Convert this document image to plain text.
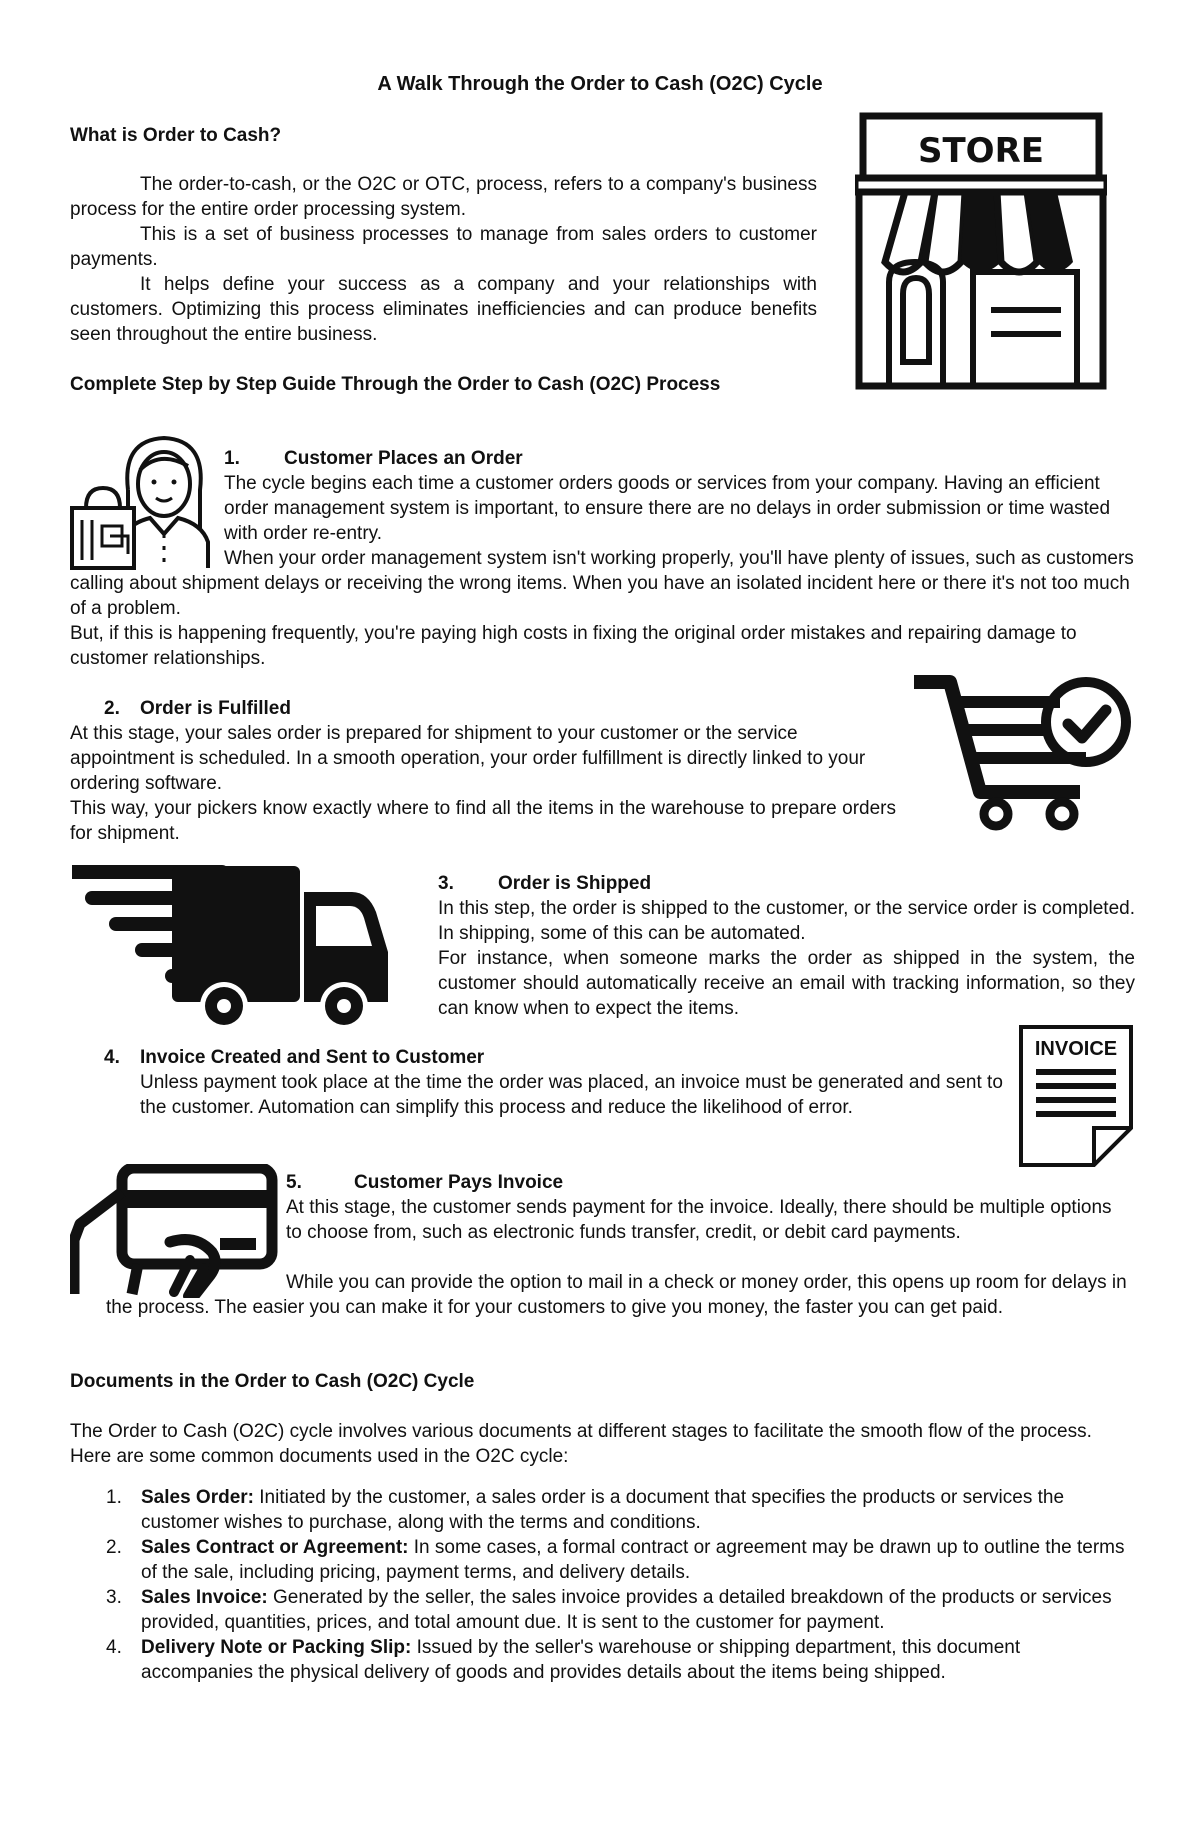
A Walk Through the Order to Cash (O2C) Cycle
What is Order to Cash?
The order-to-cash, or the O2C or OTC, process, refers to a company's business process for the entire order processing system.
This is a set of business processes to manage from sales orders to customer payments.
It helps define your success as a company and your relationships with customers. Optimizing this process eliminates inefficiencies and can produce benefits seen throughout the entire business.
STORE
Complete Step by Step Guide Through the Order to Cash (O2C) Process
1. Customer Places an Order
The cycle begins each time a customer orders goods or services from your company. Having an efficient order management system is important, to ensure there are no delays in order submission or time wasted with order re-entry.
When your order management system isn't working properly, you'll have plenty of issues, such as customers calling about shipment delays or receiving the wrong items. When you have an isolated incident here or there it's not too much of a problem.
But, if this is happening frequently, you're paying high costs in fixing the original order mistakes and repairing damage to customer relationships.
2. Order is Fulfilled
At this stage, your sales order is prepared for shipment to your customer or the service appointment is scheduled. In a smooth operation, your order fulfillment is directly linked to your ordering software.
This way, your pickers know exactly where to find all the items in the warehouse to prepare orders for shipment.
3. Order is Shipped
In this step, the order is shipped to the customer, or the service order is completed. In shipping, some of this can be automated.
For instance, when someone marks the order as shipped in the system, the customer should automatically receive an email with tracking information, so they can know when to expect the items.
4. Invoice Created and Sent to Customer
Unless payment took place at the time the order was placed, an invoice must be generated and sent to the customer. Automation can simplify this process and reduce the likelihood of error.
INVOICE
5.	Customer Pays Invoice
At this stage, the customer sends payment for the invoice. Ideally, there should be multiple options to choose from, such as electronic funds transfer, credit, or debit card payments.
While you can provide the option to mail in a check or money order, this opens up room for delays in the process. The easier you can make it for your customers to give you money, the faster you can get paid.
Documents in the Order to Cash (O2C) Cycle
The Order to Cash (O2C) cycle involves various documents at different stages to facilitate the smooth flow of the process. Here are some common documents used in the O2C cycle:
1. Sales Order: Initiated by the customer, a sales order is a document that specifies the products or services the customer wishes to purchase, along with the terms and conditions.
2. Sales Contract or Agreement: In some cases, a formal contract or agreement may be drawn up to outline the terms of the sale, including pricing, payment terms, and delivery details.
3. Sales Invoice: Generated by the seller, the sales invoice provides a detailed breakdown of the products or services provided, quantities, prices, and total amount due. It is sent to the customer for payment.
4. Delivery Note or Packing Slip: Issued by the seller's warehouse or shipping department, this document accompanies the physical delivery of goods and provides details about the items being shipped.
